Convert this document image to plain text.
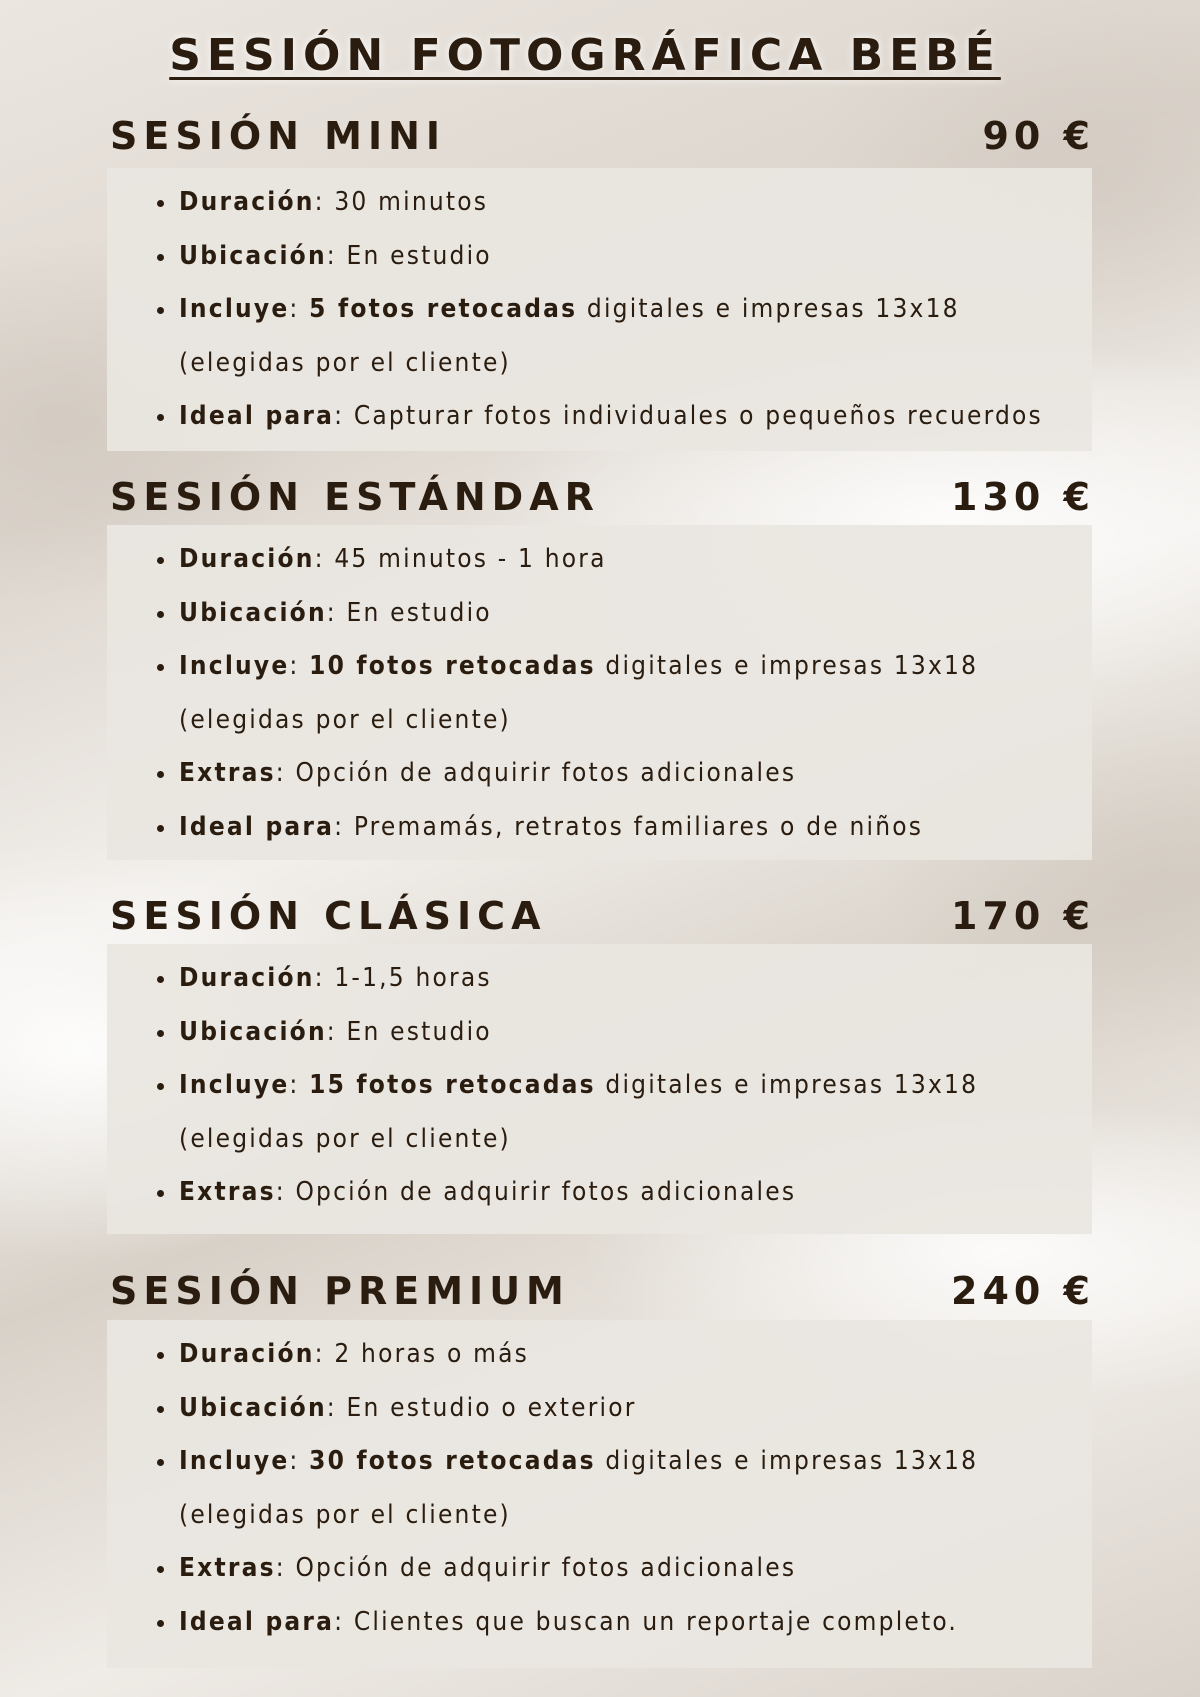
SESIÓN FOTOGRÁFICA BEBÉ
SESIÓN MINI	90 €
Duración: 30 minutos
Ubicación: En estudio
Incluye: 5 fotos retocadas digitales e impresas 13x18
(elegidas por el cliente)
Ideal para: Capturar fotos individuales o pequeños recuerdos
SESIÓN ESTÁNDAR	130 €
Duración: 45 minutos - 1 hora
Ubicación: En estudio
Incluye: 10 fotos retocadas digitales e impresas 13x18
(elegidas por el cliente)
Extras: Opción de adquirir fotos adicionales
Ideal para: Premamás, retratos familiares o de niños
SESIÓN CLÁSICA	170 €
Duración: 1-1,5 horas
Ubicación: En estudio
Incluye: 15 fotos retocadas digitales e impresas 13x18
(elegidas por el cliente)
Extras: Opción de adquirir fotos adicionales
SESIÓN PREMIUM	240 €
Duración: 2 horas o más
Ubicación: En estudio o exterior
Incluye: 30 fotos retocadas digitales e impresas 13x18
(elegidas por el cliente)
Extras: Opción de adquirir fotos adicionales
Ideal para: Clientes que buscan un reportaje completo.
